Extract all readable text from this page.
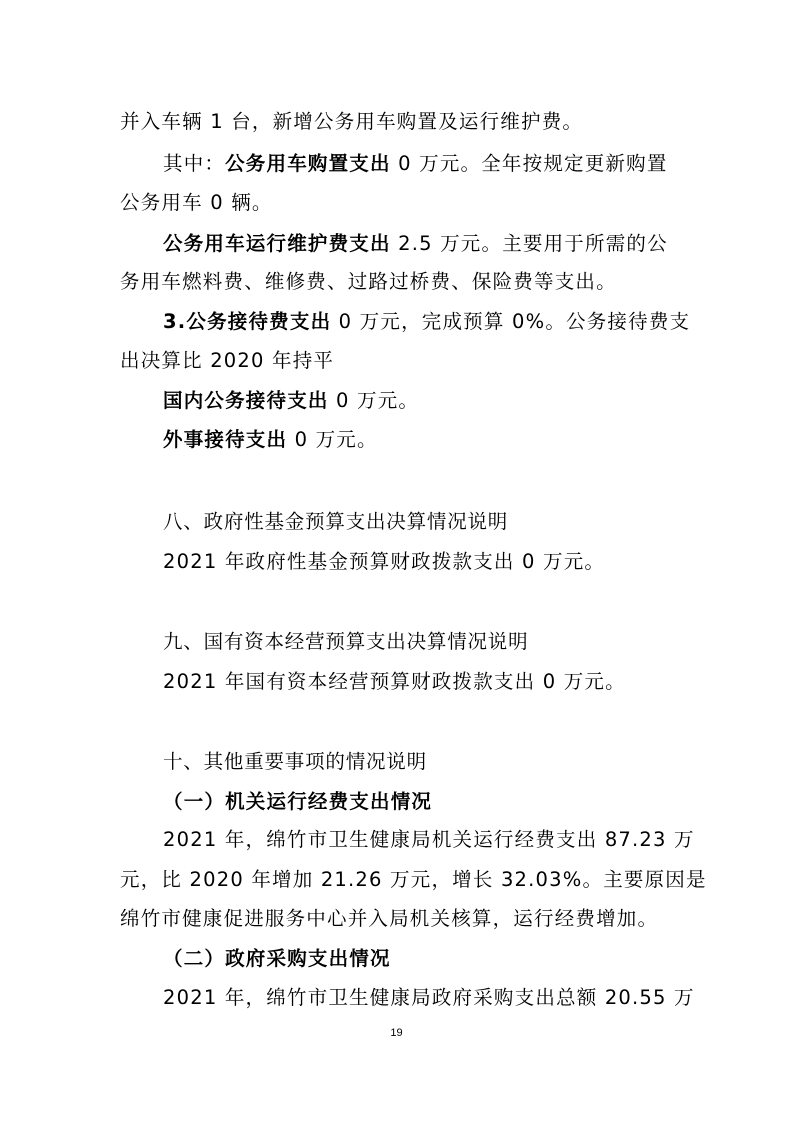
并入车辆 1 台，新增公务用车购置及运行维护费。
其中：公务用车购置支出 0 万元。全年按规定更新购置
公务用车 0 辆。
公务用车运行维护费支出 2.5 万元。主要用于所需的公
务用车燃料费、维修费、过路过桥费、保险费等支出。
3.公务接待费支出 0 万元，完成预算 0%。公务接待费支
出决算比 2020 年持平
国内公务接待支出 0 万元。
外事接待支出 0 万元。
八、政府性基金预算支出决算情况说明
2021 年政府性基金预算财政拨款支出 0 万元。
九、国有资本经营预算支出决算情况说明
2021 年国有资本经营预算财政拨款支出 0 万元。
十、其他重要事项的情况说明
（一）机关运行经费支出情况
2021 年，绵竹市卫生健康局机关运行经费支出 87.23 万
元，比 2020 年增加 21.26 万元，增长 32.03%。主要原因是
绵竹市健康促进服务中心并入局机关核算，运行经费增加。
（二）政府采购支出情况
2021 年，绵竹市卫生健康局政府采购支出总额 20.55 万
19
